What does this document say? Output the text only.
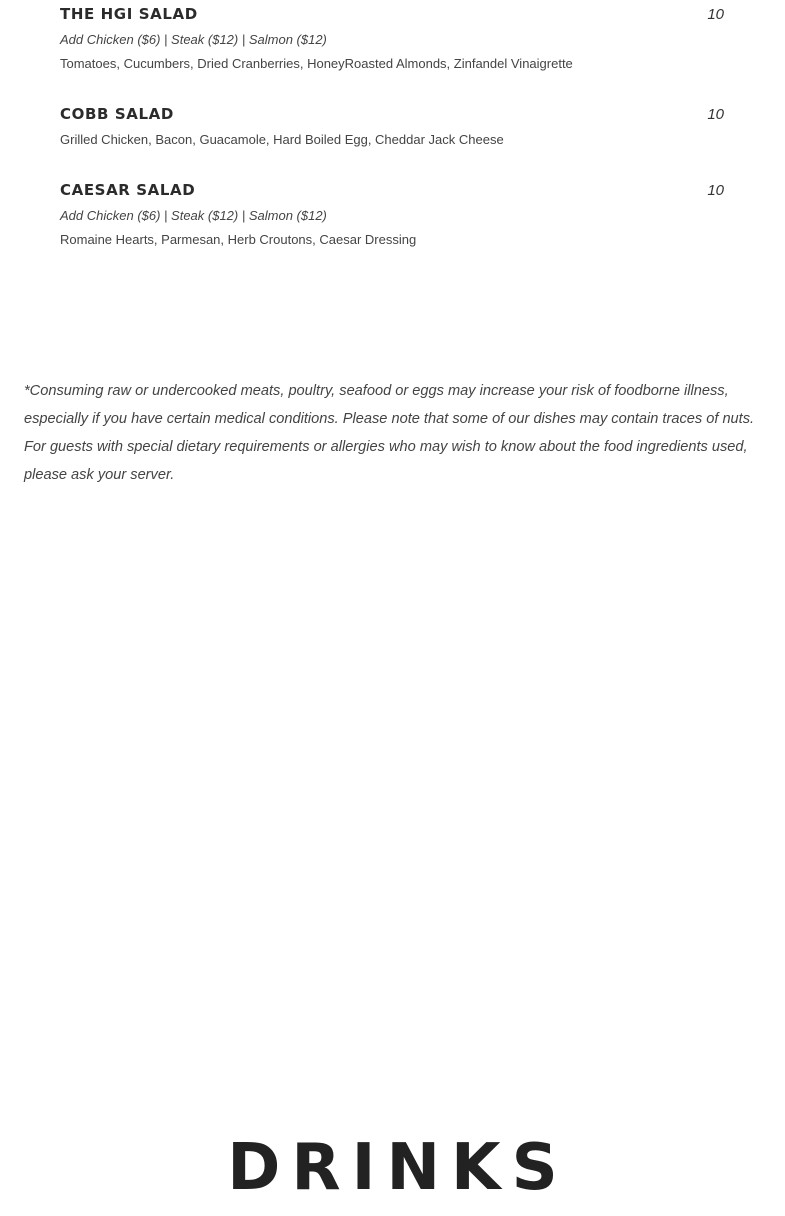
THE HGI SALAD	10
Add Chicken ($6) | Steak ($12) | Salmon ($12)
Tomatoes, Cucumbers, Dried Cranberries, HoneyRoasted Almonds, Zinfandel Vinaigrette
COBB SALAD	10
Grilled Chicken, Bacon, Guacamole, Hard Boiled Egg, Cheddar Jack Cheese
CAESAR SALAD	10
Add Chicken ($6) | Steak ($12) | Salmon ($12)
Romaine Hearts, Parmesan, Herb Croutons, Caesar Dressing
*Consuming raw or undercooked meats, poultry, seafood or eggs may increase your risk of foodborne illness, especially if you have certain medical conditions. Please note that some of our dishes may contain traces of nuts. For guests with special dietary requirements or allergies who may wish to know about the food ingredients used, please ask your server.
DRINKS
